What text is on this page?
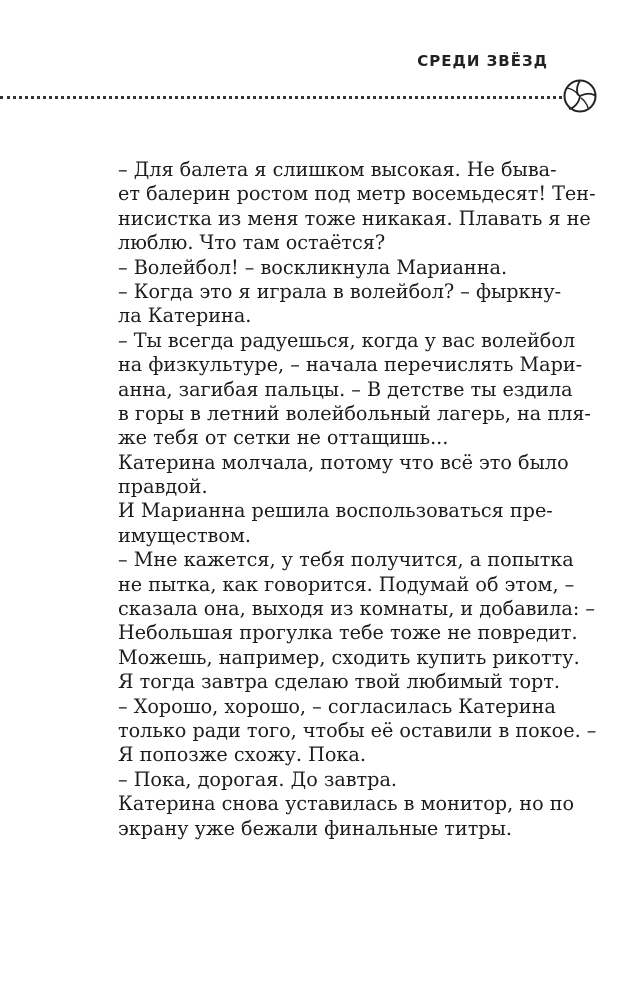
СРЕДИ ЗВЁЗД
– Для балета я слишком высокая. Не быва-
ет балерин ростом под метр восемьдесят! Тен-
нисистка из меня тоже никакая. Плавать я не
люблю. Что там остаётся?
– Волейбол! – воскликнула Марианна.
– Когда это я играла в волейбол? – фыркну-
ла Катерина.
– Ты всегда радуешься, когда у вас волейбол
на физкультуре, – начала перечислять Мари-
анна, загибая пальцы. – В детстве ты ездила
в горы в летний волейбольный лагерь, на пля-
же тебя от сетки не оттащишь...
Катерина молчала, потому что всё это было
правдой.
И Марианна решила воспользоваться пре-
имуществом.
– Мне кажется, у тебя получится, а попытка
не пытка, как говорится. Подумай об этом, –
сказала она, выходя из комнаты, и добавила: –
Небольшая прогулка тебе тоже не повредит.
Можешь, например, сходить купить рикотту.
Я тогда завтра сделаю твой любимый торт.
– Хорошо, хорошо, – согласилась Катерина
только ради того, чтобы её оставили в покое. –
Я попозже схожу. Пока.
– Пока, дорогая. До завтра.
Катерина снова уставилась в монитор, но по
экрану уже бежали финальные титры.
